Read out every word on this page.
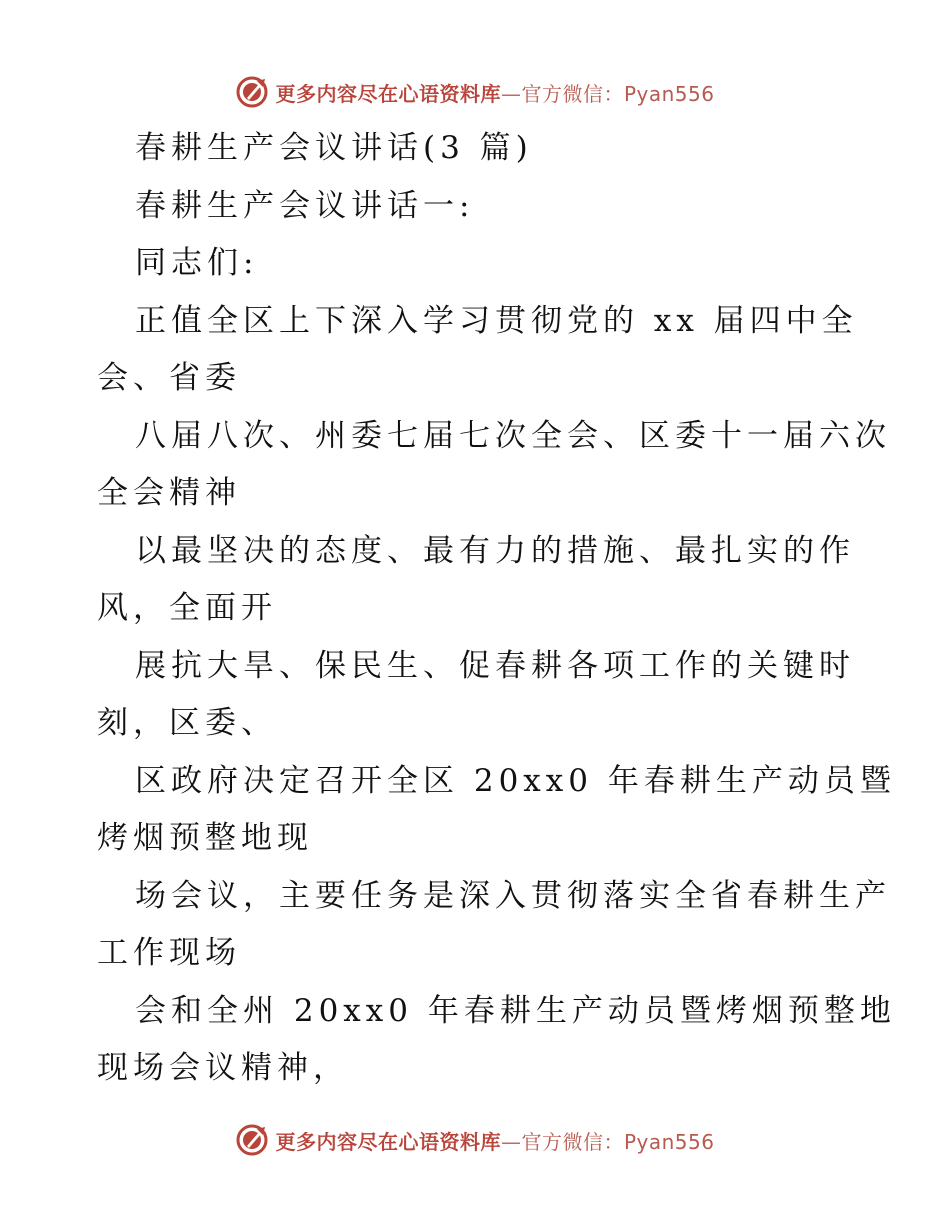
更多内容尽在心语资料库—官方微信：Pyan556
春耕生产会议讲话(3 篇)
春耕生产会议讲话一:
同志们:
正值全区上下深入学习贯彻党的 xx 届四中全
会、省委
八届八次、州委七届七次全会、区委十一届六次
全会精神
以最坚决的态度、最有力的措施、最扎实的作
风，全面开
展抗大旱、保民生、促春耕各项工作的关键时
刻，区委、
区政府决定召开全区 20xx0 年春耕生产动员暨
烤烟预整地现
场会议，主要任务是深入贯彻落实全省春耕生产
工作现场
会和全州 20xx0 年春耕生产动员暨烤烟预整地
现场会议精神，
更多内容尽在心语资料库—官方微信：Pyan556
